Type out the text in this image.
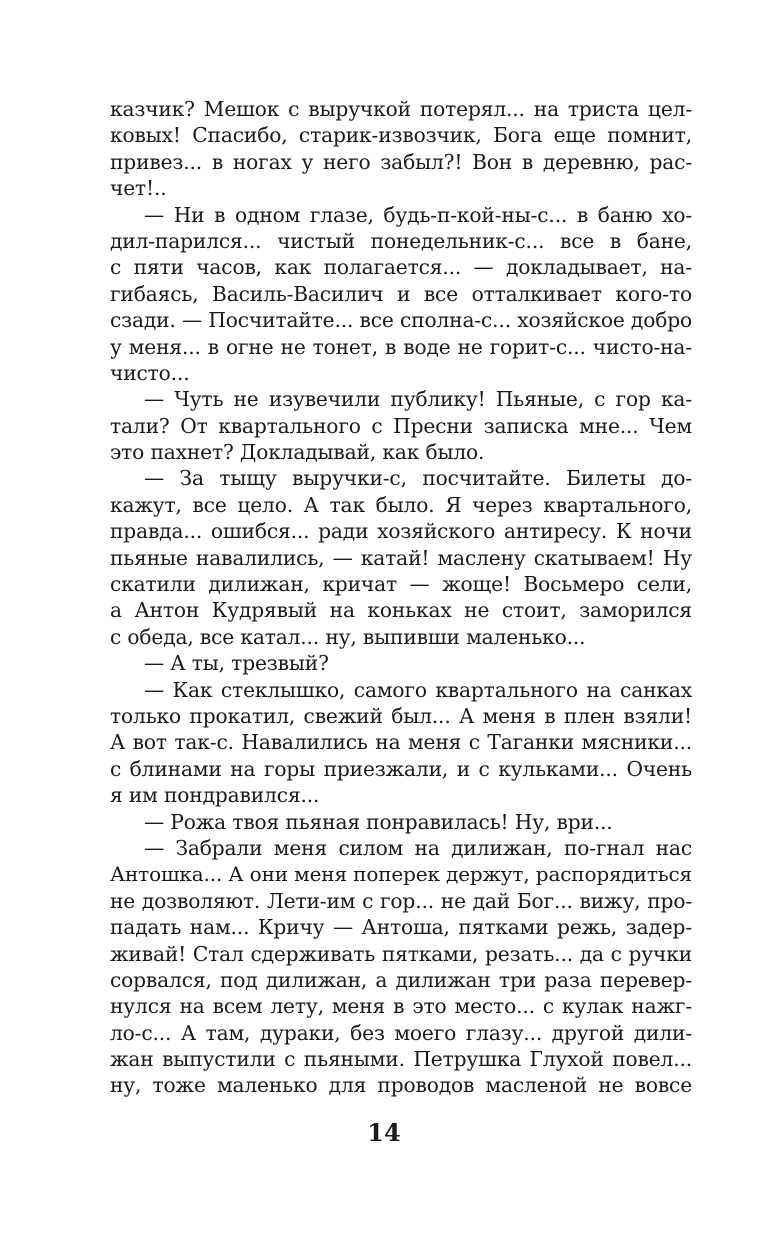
казчик? Мешок с выручкой потерял... на триста цел-
ковых! Спасибо, старик-извозчик, Бога еще помнит,
привез... в ногах у него забыл?! Вон в деревню, рас-
чет!..
— Ни в одном глазе, будь-п-кой-ны-с... в баню хо-
дил-парился... чистый понедельник-с... все в бане,
с пяти часов, как полагается... — докладывает, на-
гибаясь, Василь-Василич и все отталкивает кого-то
сзади. — Посчитайте... все сполна-с... хозяйское добро
у меня... в огне не тонет, в воде не горит-с... чисто-на-
чисто...
— Чуть не изувечили публику! Пьяные, с гор ка-
тали? От квартального с Пресни записка мне... Чем
это пахнет? Докладывай, как было.
— За тыщу выручки-с, посчитайте. Билеты до-
кажут, все цело. А так было. Я через квартального,
правда... ошибся... ради хозяйского антиресу. К ночи
пьяные навалились, — катай! маслену скатываем! Ну
скатили дилижан, кричат — жоще! Восьмеро сели,
а Антон Кудрявый на коньках не стоит, заморился
с обеда, все катал... ну, выпивши маленько...
— А ты, трезвый?
— Как стеклышко, самого квартального на санках
только прокатил, свежий был... А меня в плен взяли!
А вот так-с. Навалились на меня с Таганки мясники...
с блинами на горы приезжали, и с кульками... Очень
я им пондравился...
— Рожа твоя пьяная понравилась! Ну, ври...
— Забрали меня силом на дилижан, по-гнал нас
Антошка... А они меня поперек держут, распорядиться
не дозволяют. Лети-им с гор... не дай Бог... вижу, про-
падать нам... Кричу — Антоша, пятками режь, задер-
живай! Стал сдерживать пятками, резать... да с ручки
сорвался, под дилижан, а дилижан три раза перевер-
нулся на всем лету, меня в это место... с кулак нажг-
ло-с... А там, дураки, без моего глазу... другой дили-
жан выпустили с пьяными. Петрушка Глухой повел...
ну, тоже маленько для проводов масленой не вовсе
14
